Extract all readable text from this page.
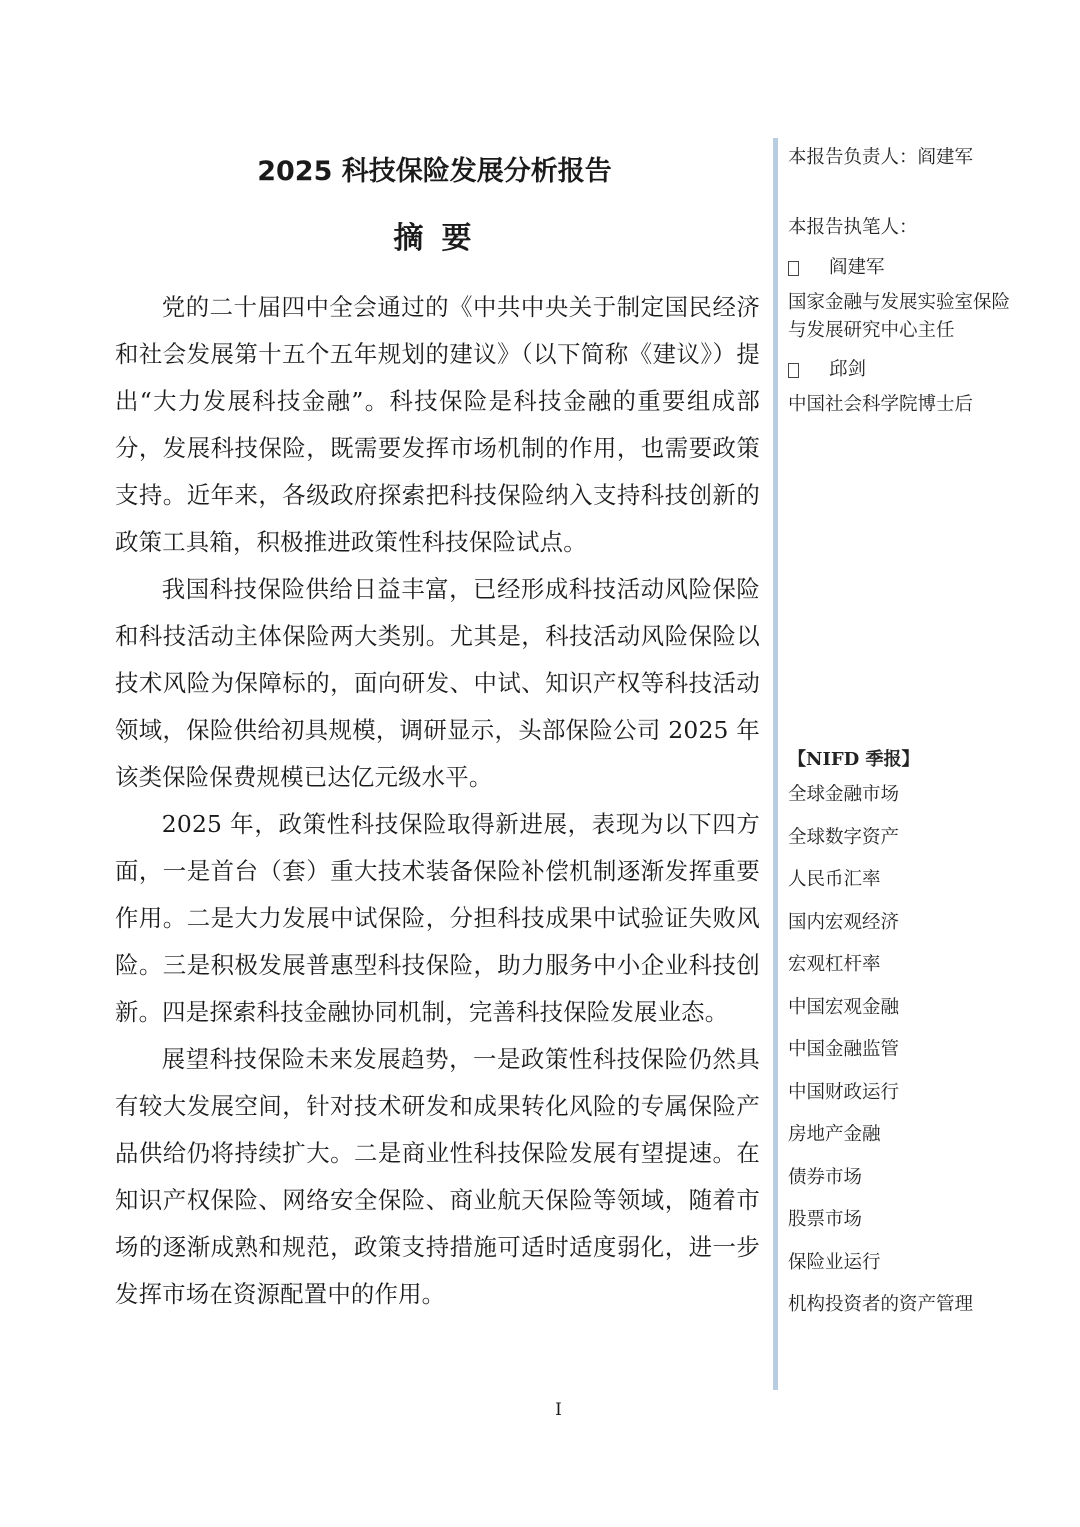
2025 科技保险发展分析报告
摘要

党的二十届四中全会通过的《中共中央关于制定国民经济和社会发展第十五个五年规划的建议》（以下简称《建议》）提出“大力发展科技金融”。科技保险是科技金融的重要组成部分，发展科技保险，既需要发挥市场机制的作用，也需要政策支持。近年来，各级政府探索把科技保险纳入支持科技创新的政策工具箱，积极推进政策性科技保险试点。

我国科技保险供给日益丰富，已经形成科技活动风险保险和科技活动主体保险两大类别。尤其是，科技活动风险保险以技术风险为保障标的，面向研发、中试、知识产权等科技活动领域，保险供给初具规模，调研显示，头部保险公司 2025 年该类保险保费规模已达亿元级水平。

2025 年，政策性科技保险取得新进展，表现为以下四方面，一是首台（套）重大技术装备保险补偿机制逐渐发挥重要作用。二是大力发展中试保险，分担科技成果中试验证失败风险。三是积极发展普惠型科技保险，助力服务中小企业科技创新。四是探索科技金融协同机制，完善科技保险发展业态。

展望科技保险未来发展趋势，一是政策性科技保险仍然具有较大发展空间，针对技术研发和成果转化风险的专属保险产品供给仍将持续扩大。二是商业性科技保险发展有望提速。在知识产权保险、网络安全保险、商业航天保险等领域，随着市场的逐渐成熟和规范，政策支持措施可适时适度弱化，进一步发挥市场在资源配置中的作用。

本报告负责人：阎建军

本报告执笔人：

阎建军

国家金融与发展实验室保险与发展研究中心主任

邱剑

中国社会科学院博士后

【NIFD 季报】
全球金融市场
全球数字资产
人民币汇率
国内宏观经济
宏观杠杆率
中国宏观金融
中国金融监管
中国财政运行
房地产金融
债券市场
股票市场
保险业运行
机构投资者的资产管理
I
